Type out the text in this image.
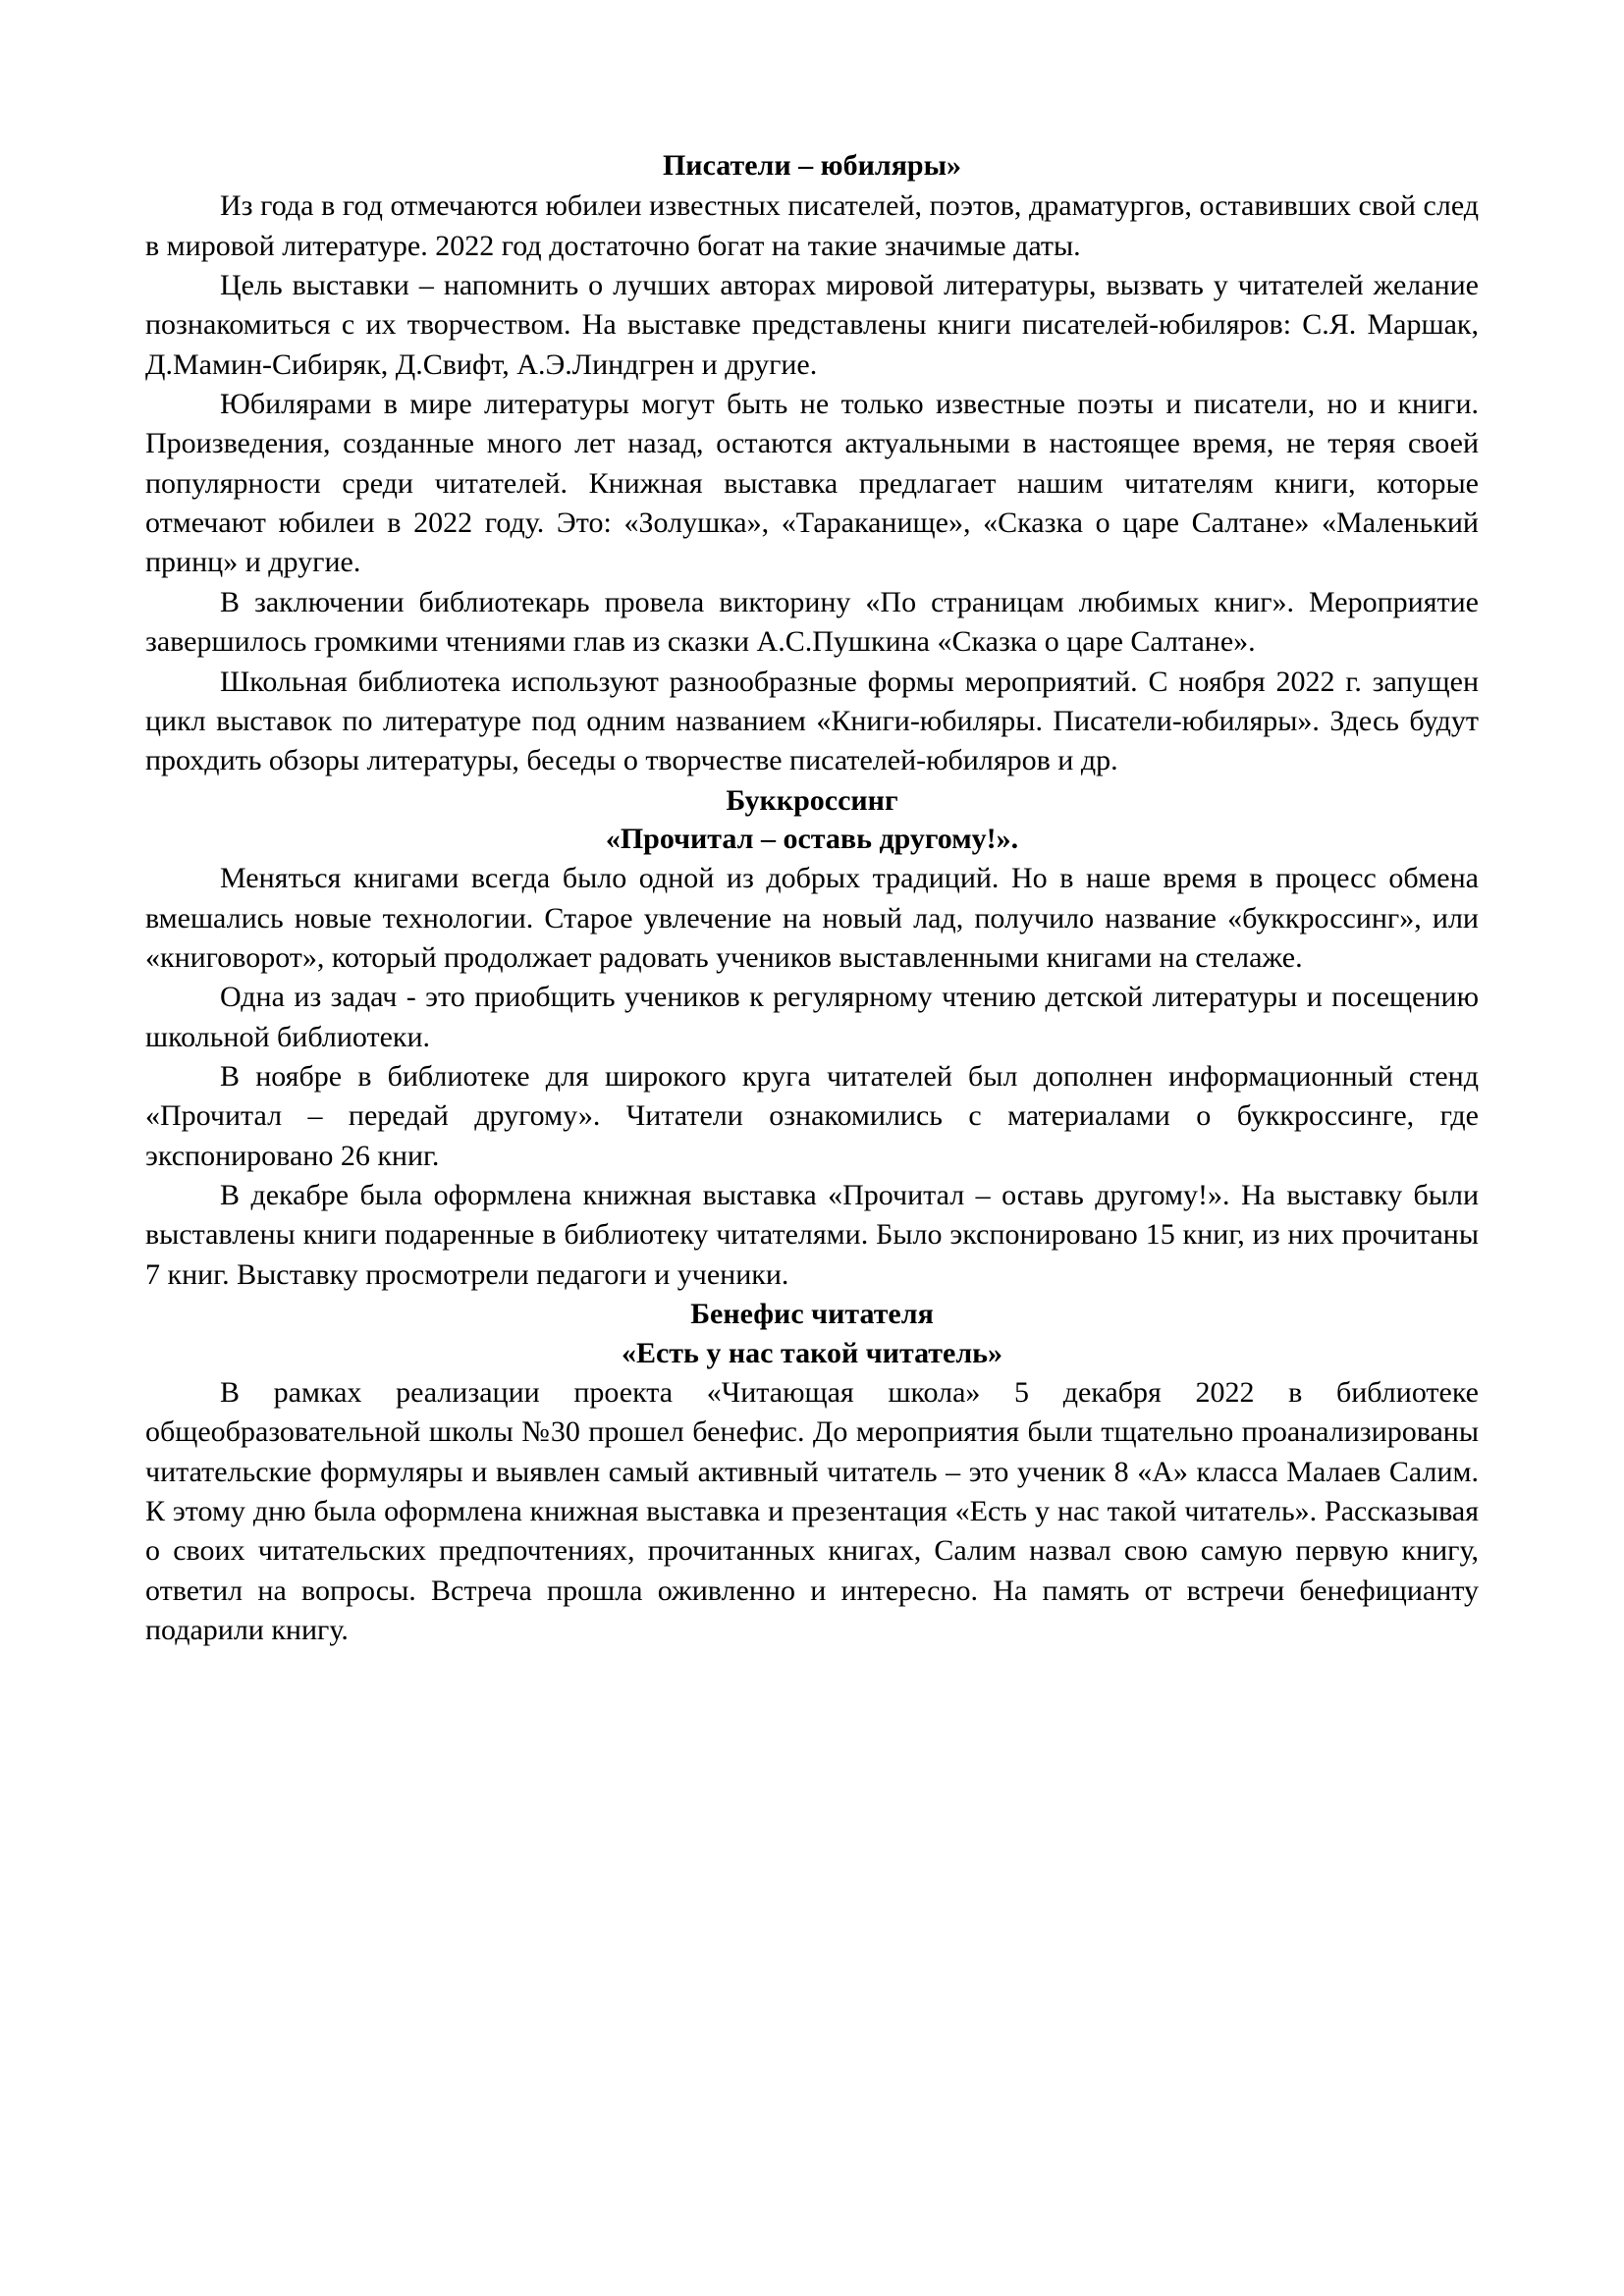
Писатели – юбиляры»

Из года в год отмечаются юбилеи известных писателей, поэтов, драматургов, оставивших свой след в мировой литературе. 2022 год достаточно богат на такие значимые даты.

Цель выставки – напомнить о лучших авторах мировой литературы, вызвать у читателей желание познакомиться с их творчеством. На выставке представлены книги писателей-юбиляров: С.Я. Маршак, Д.Мамин-Сибиряк, Д.Свифт, А.Э.Линдгрен и другие.

Юбилярами в мире литературы могут быть не только известные поэты и писатели, но и книги. Произведения, созданные много лет назад, остаются актуальными в настоящее время, не теряя своей популярности среди читателей. Книжная выставка предлагает нашим читателям книги, которые отмечают юбилеи в 2022 году. Это: «Золушка», «Тараканище», «Сказка о царе Салтане» «Маленький принц» и другие.

В заключении библиотекарь провела викторину «По страницам любимых книг». Мероприятие завершилось громкими чтениями глав из сказки А.С.Пушкина «Сказка о царе Салтане».

Школьная библиотека используют разнообразные формы мероприятий. С ноября 2022 г. запущен цикл выставок по литературе под одним названием «Книги-юбиляры. Писатели-юбиляры». Здесь будут прохдить обзоры литературы, беседы о творчестве писателей-юбиляров и др.

Буккроссинг
«Прочитал – оставь другому!».

Меняться книгами всегда было одной из добрых традиций. Но в наше время в процесс обмена вмешались новые технологии. Старое увлечение на новый лад, получило название «буккроссинг», или «книговорот», который продолжает радовать учеников выставленными книгами на стелаже.

Одна из задач - это приобщить учеников к регулярному чтению детской литературы и посещению школьной библиотеки.

В ноябре в библиотеке для широкого круга читателей был дополнен информационный стенд «Прочитал – передай другому». Читатели ознакомились с материалами о буккроссинге, где экспонировано 26 книг.

В декабре была оформлена книжная выставка «Прочитал – оставь другому!». На выставку были выставлены книги подаренные в библиотеку читателями. Было экспонировано 15 книг, из них прочитаны 7 книг. Выставку просмотрели педагоги и ученики.

Бенефис читателя
«Есть у нас такой читатель»

В рамках реализации проекта «Читающая школа» 5 декабря 2022 в библиотеке общеобразовательной школы №30 прошел бенефис. До мероприятия были тщательно проанализированы читательские формуляры и выявлен самый активный читатель – это ученик 8 «А» класса Малаев Салим. К этому дню была оформлена книжная выставка и презентация «Есть у нас такой читатель». Рассказывая о своих читательских предпочтениях, прочитанных книгах, Салим назвал свою самую первую книгу, ответил на вопросы. Встреча прошла оживленно и интересно. На память от встречи бенефицианту подарили книгу.
